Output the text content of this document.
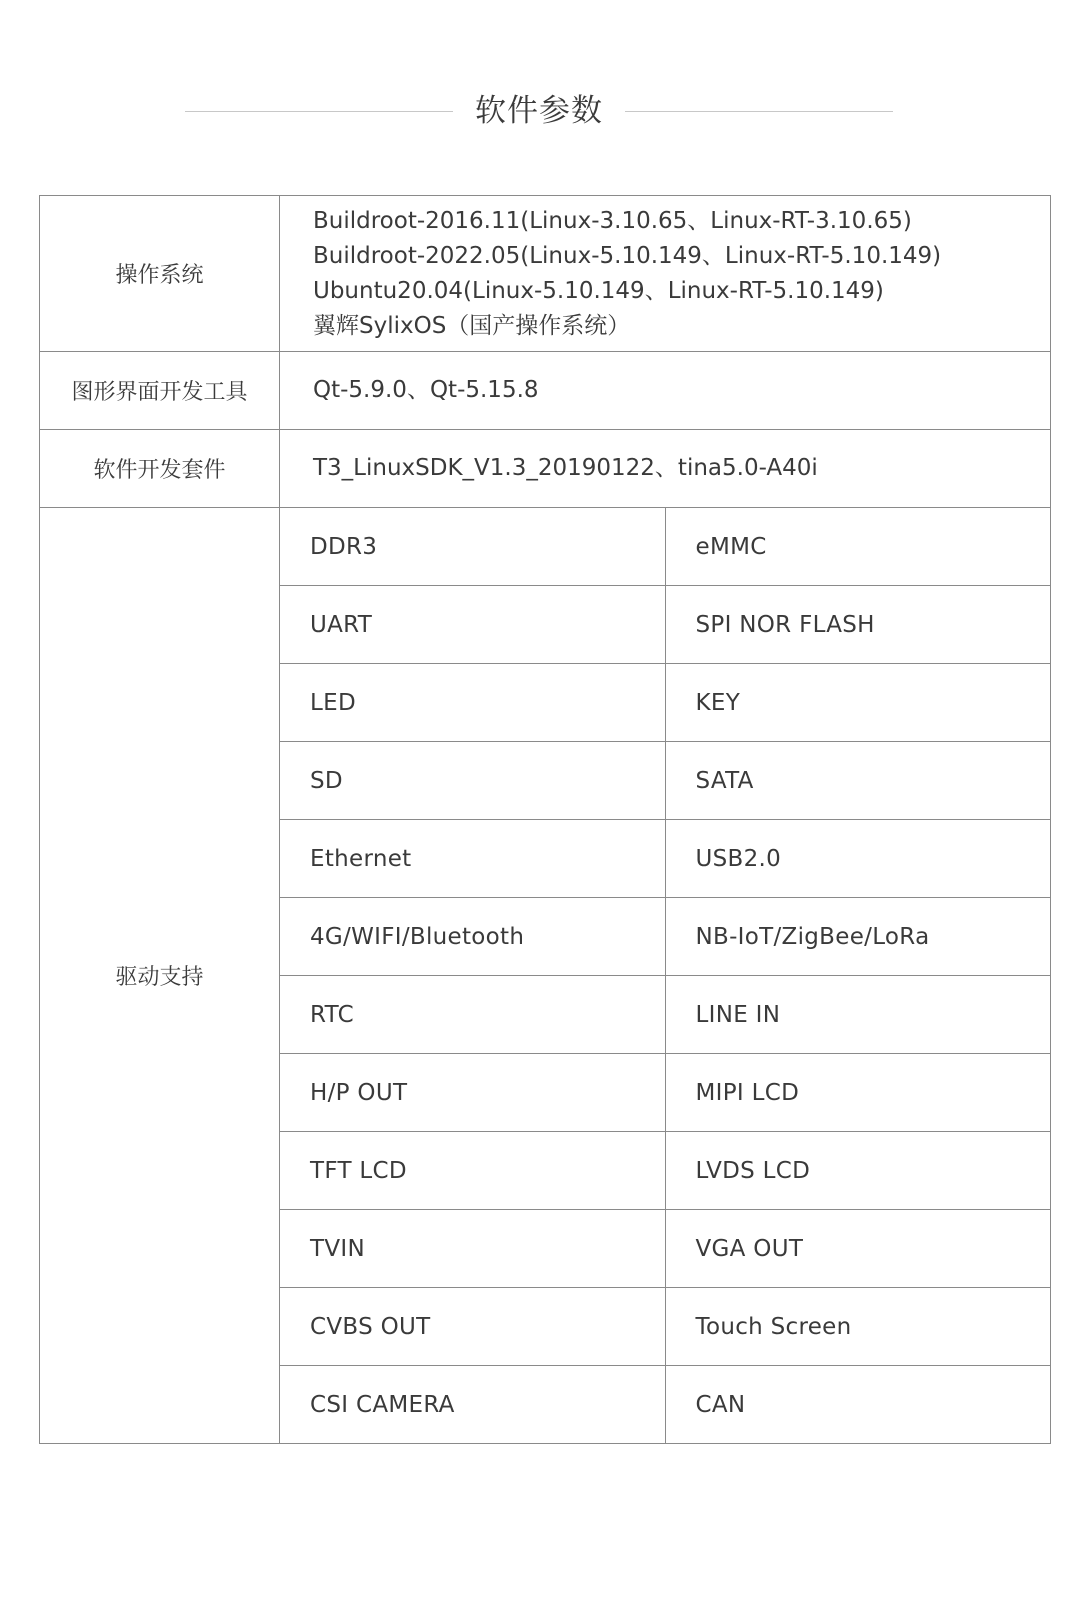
软件参数
操作系统	Buildroot-2016.11(Linux-3.10.65、Linux-RT-3.10.65)
Buildroot-2022.05(Linux-5.10.149、Linux-RT-5.10.149)
Ubuntu20.04(Linux-5.10.149、Linux-RT-5.10.149)
翼辉SylixOS（国产操作系统）	

图形界面开发工具	Qt-5.9.0、Qt-5.15.8	
软件开发套件	T3_LinuxSDK_V1.3_20190122、tina5.0-A40i	
驱动支持	DDR3	eMMC
	UART	SPI NOR FLASH
	LED	KEY
	SD	SATA
	Ethernet	USB2.0
	4G/WIFI/Bluetooth	NB-IoT/ZigBee/LoRa
	RTC	LINE IN
	H/P OUT	MIPI LCD
	TFT LCD	LVDS LCD
	TVIN	VGA OUT
	CVBS OUT	Touch Screen
	CSI CAMERA	CAN
